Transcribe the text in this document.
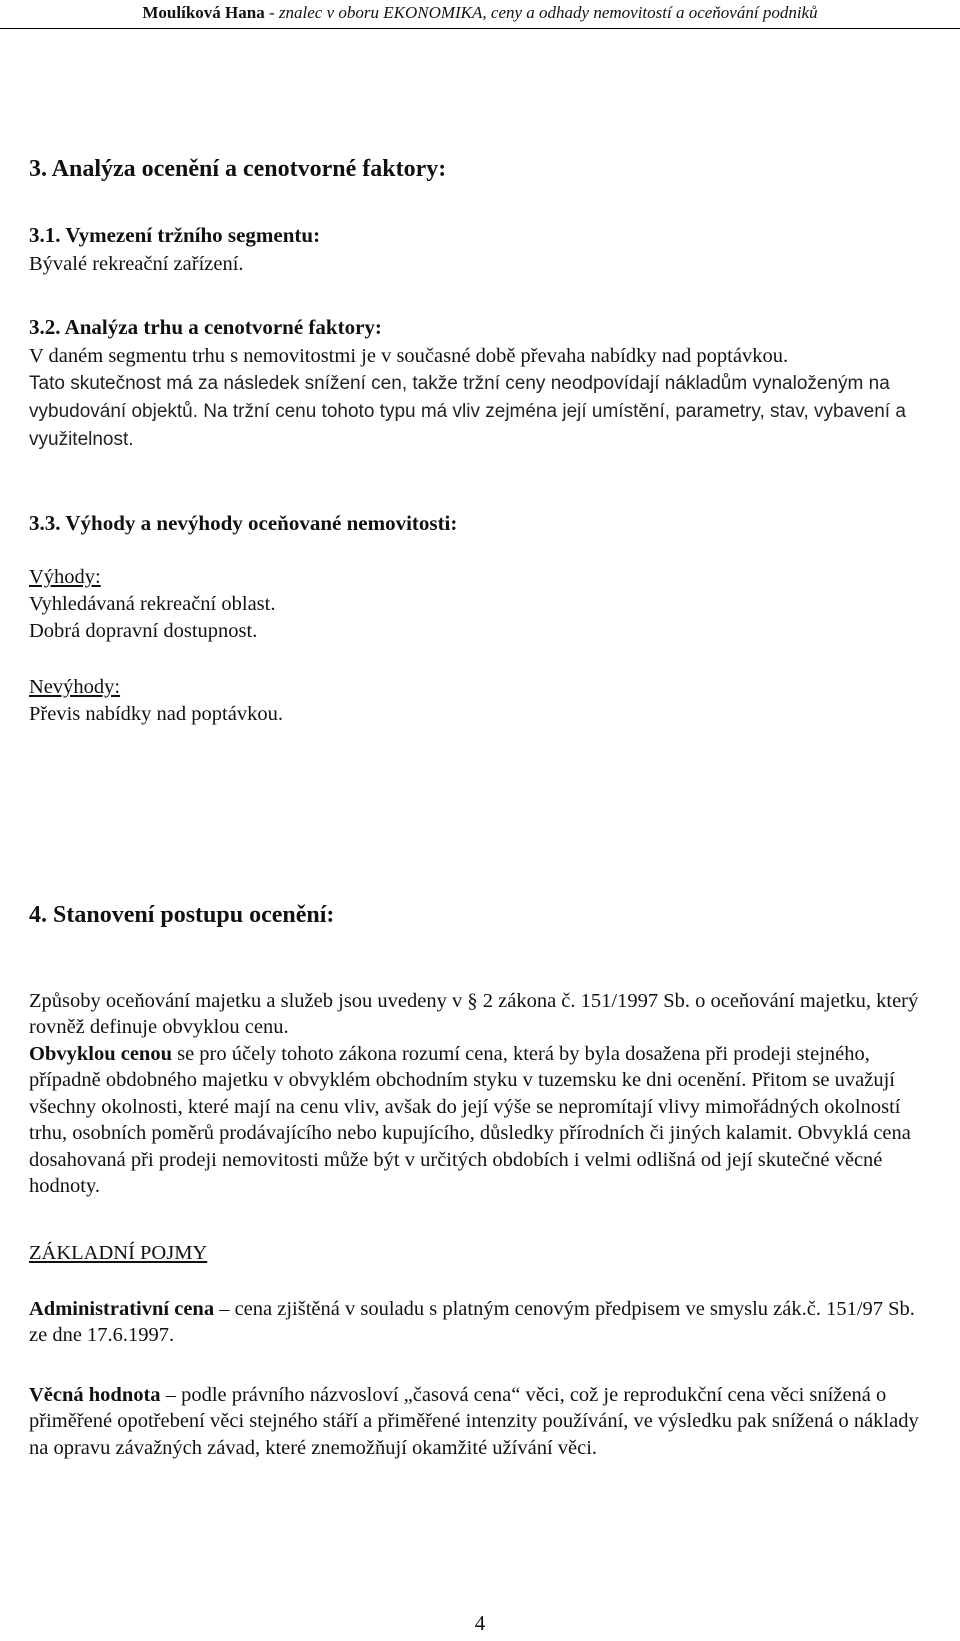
Moulíková Hana - znalec v oboru EKONOMIKA, ceny a odhady nemovitostí a oceňování podniků
3. Analýza ocenění a cenotvorné faktory:
3.1. Vymezení tržního segmentu:
Bývalé rekreační zařízení.
3.2. Analýza trhu a cenotvorné faktory:
V daném segmentu trhu s nemovitostmi je v současné době převaha nabídky nad poptávkou.
Tato skutečnost má za následek snížení cen, takže tržní ceny neodpovídají nákladům vynaloženým na vybudování objektů. Na tržní cenu tohoto typu má vliv zejména její umístění, parametry, stav, vybavení a využitelnost.
3.3. Výhody a nevýhody oceňované nemovitosti:
Výhody:
Vyhledávaná rekreační oblast.
Dobrá dopravní dostupnost.
Nevýhody:
Převis nabídky nad poptávkou.
4. Stanovení postupu ocenění:
Způsoby oceňování majetku a služeb jsou uvedeny v § 2 zákona č. 151/1997 Sb. o oceňování majetku, který rovněž definuje obvyklou cenu.
Obvyklou cenou se pro účely tohoto zákona rozumí cena, která by byla dosažena při prodeji stejného, případně obdobného majetku v obvyklém obchodním styku v tuzemsku ke dni ocenění. Přitom se uvažují všechny okolnosti, které mají na cenu vliv, avšak do její výše se nepromítají vlivy mimořádných okolností trhu, osobních poměrů prodávajícího nebo kupujícího, důsledky přírodních či jiných kalamit. Obvyklá cena dosahovaná při prodeji nemovitosti může být v určitých obdobích i velmi odlišná od její skutečné věcné hodnoty.
ZÁKLADNÍ POJMY
Administrativní cena – cena zjištěná v souladu s platným cenovým předpisem ve smyslu zák.č. 151/97 Sb. ze dne 17.6.1997.
Věcná hodnota – podle právního názvosloví „časová cena“ věci, což je reprodukční cena věci snížená o přiměřené opotřebení věci stejného stáří a přiměřené intenzity používání, ve výsledku pak snížená o náklady na opravu závažných závad, které znemožňují okamžité užívání věci.
4
